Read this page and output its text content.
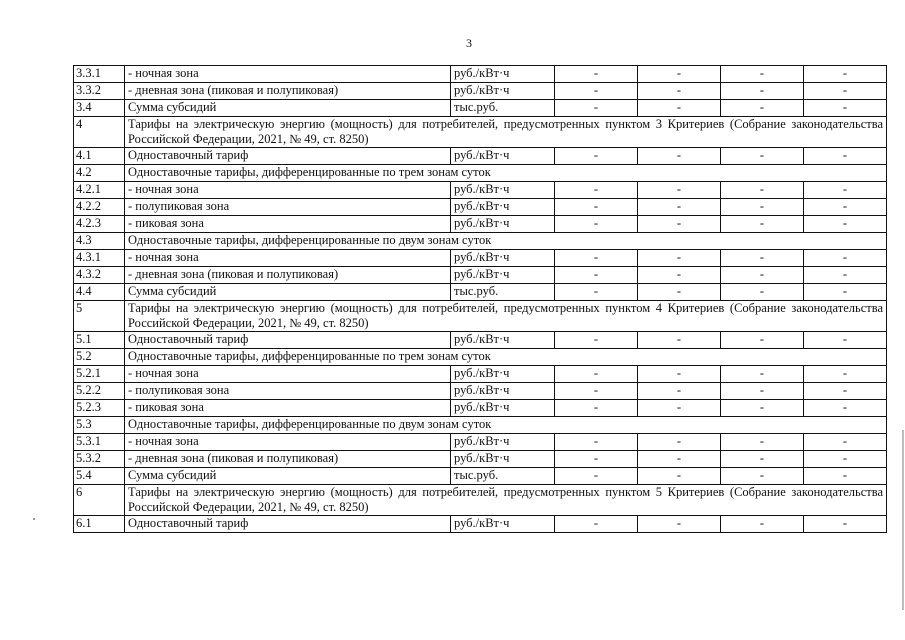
3
3.3.1	- ночная зона	руб./кВт·ч	-	-	-	-
3.3.2	- дневная зона (пиковая и полупиковая)	руб./кВт·ч	-	-	-	-
3.4	Сумма субсидий	тыс.руб.	-	-	-	-
4	Тарифы на электрическую энергию (мощность) для потребителей, предусмотренных пунктом 3 Критериев (Собрание законодательства Российской Федерации, 2021, № 49, ст. 8250)					
4.1	Одноставочный тариф	руб./кВт·ч	-	-	-	-
4.2	Одноставочные тарифы, дифференцированные по трем зонам суток					
4.2.1	- ночная зона	руб./кВт·ч	-	-	-	-
4.2.2	- полупиковая зона	руб./кВт·ч	-	-	-	-
4.2.3	- пиковая зона	руб./кВт·ч	-	-	-	-
4.3	Одноставочные тарифы, дифференцированные по двум зонам суток					
4.3.1	- ночная зона	руб./кВт·ч	-	-	-	-
4.3.2	- дневная зона (пиковая и полупиковая)	руб./кВт·ч	-	-	-	-
4.4	Сумма субсидий	тыс.руб.	-	-	-	-
5	Тарифы на электрическую энергию (мощность) для потребителей, предусмотренных пунктом 4 Критериев (Собрание законодательства Российской Федерации, 2021, № 49, ст. 8250)					
5.1	Одноставочный тариф	руб./кВт·ч	-	-	-	-
5.2	Одноставочные тарифы, дифференцированные по трем зонам суток					
5.2.1	- ночная зона	руб./кВт·ч	-	-	-	-
5.2.2	- полупиковая зона	руб./кВт·ч	-	-	-	-
5.2.3	- пиковая зона	руб./кВт·ч	-	-	-	-
5.3	Одноставочные тарифы, дифференцированные по двум зонам суток					
5.3.1	- ночная зона	руб./кВт·ч	-	-	-	-
5.3.2	- дневная зона (пиковая и полупиковая)	руб./кВт·ч	-	-	-	-
5.4	Сумма субсидий	тыс.руб.	-	-	-	-
6	Тарифы на электрическую энергию (мощность) для потребителей, предусмотренных пунктом 5 Критериев (Собрание законодательства Российской Федерации, 2021, № 49, ст. 8250)					
6.1	Одноставочный тариф	руб./кВт·ч	-	-	-	-
